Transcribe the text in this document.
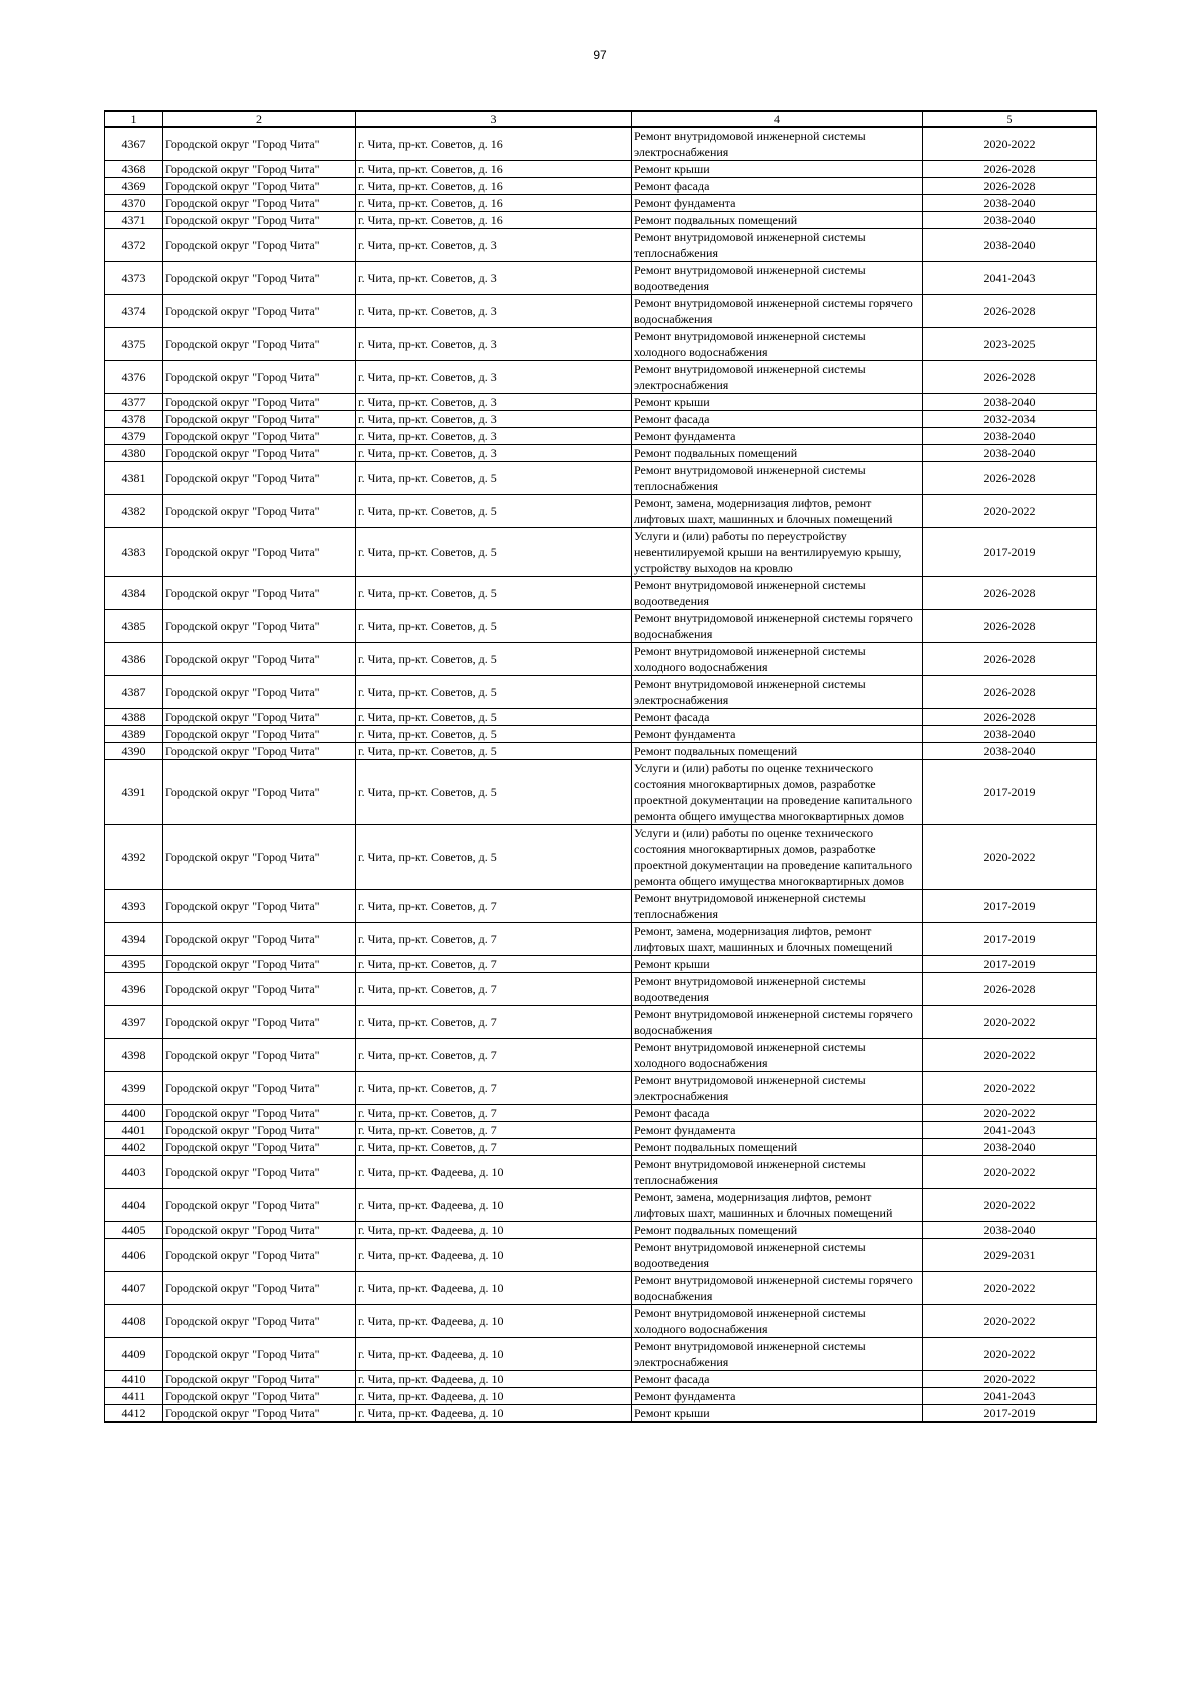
97
1	2	3	4	5
4367	Городской округ "Город Чита"	г. Чита, пр-кт. Советов, д. 16	Ремонт внутридомовой инженерной системы электроснабжения	2020-2022
4368	Городской округ "Город Чита"	г. Чита, пр-кт. Советов, д. 16	Ремонт крыши	2026-2028
4369	Городской округ "Город Чита"	г. Чита, пр-кт. Советов, д. 16	Ремонт фасада	2026-2028
4370	Городской округ "Город Чита"	г. Чита, пр-кт. Советов, д. 16	Ремонт фундамента	2038-2040
4371	Городской округ "Город Чита"	г. Чита, пр-кт. Советов, д. 16	Ремонт подвальных помещений	2038-2040
4372	Городской округ "Город Чита"	г. Чита, пр-кт. Советов, д. 3	Ремонт внутридомовой инженерной системы теплоснабжения	2038-2040
4373	Городской округ "Город Чита"	г. Чита, пр-кт. Советов, д. 3	Ремонт внутридомовой инженерной системы водоотведения	2041-2043
4374	Городской округ "Город Чита"	г. Чита, пр-кт. Советов, д. 3	Ремонт внутридомовой инженерной системы горячего водоснабжения	2026-2028
4375	Городской округ "Город Чита"	г. Чита, пр-кт. Советов, д. 3	Ремонт внутридомовой инженерной системы холодного водоснабжения	2023-2025
4376	Городской округ "Город Чита"	г. Чита, пр-кт. Советов, д. 3	Ремонт внутридомовой инженерной системы электроснабжения	2026-2028
4377	Городской округ "Город Чита"	г. Чита, пр-кт. Советов, д. 3	Ремонт крыши	2038-2040
4378	Городской округ "Город Чита"	г. Чита, пр-кт. Советов, д. 3	Ремонт фасада	2032-2034
4379	Городской округ "Город Чита"	г. Чита, пр-кт. Советов, д. 3	Ремонт фундамента	2038-2040
4380	Городской округ "Город Чита"	г. Чита, пр-кт. Советов, д. 3	Ремонт подвальных помещений	2038-2040
4381	Городской округ "Город Чита"	г. Чита, пр-кт. Советов, д. 5	Ремонт внутридомовой инженерной системы теплоснабжения	2026-2028
4382	Городской округ "Город Чита"	г. Чита, пр-кт. Советов, д. 5	Ремонт, замена, модернизация лифтов, ремонт лифтовых шахт, машинных и блочных помещений	2020-2022
4383	Городской округ "Город Чита"	г. Чита, пр-кт. Советов, д. 5	Услуги и (или) работы по переустройству невентилируемой крыши на вентилируемую крышу, устройству выходов на кровлю	2017-2019
4384	Городской округ "Город Чита"	г. Чита, пр-кт. Советов, д. 5	Ремонт внутридомовой инженерной системы водоотведения	2026-2028
4385	Городской округ "Город Чита"	г. Чита, пр-кт. Советов, д. 5	Ремонт внутридомовой инженерной системы горячего водоснабжения	2026-2028
4386	Городской округ "Город Чита"	г. Чита, пр-кт. Советов, д. 5	Ремонт внутридомовой инженерной системы холодного водоснабжения	2026-2028
4387	Городской округ "Город Чита"	г. Чита, пр-кт. Советов, д. 5	Ремонт внутридомовой инженерной системы электроснабжения	2026-2028
4388	Городской округ "Город Чита"	г. Чита, пр-кт. Советов, д. 5	Ремонт фасада	2026-2028
4389	Городской округ "Город Чита"	г. Чита, пр-кт. Советов, д. 5	Ремонт фундамента	2038-2040
4390	Городской округ "Город Чита"	г. Чита, пр-кт. Советов, д. 5	Ремонт подвальных помещений	2038-2040
4391	Городской округ "Город Чита"	г. Чита, пр-кт. Советов, д. 5	Услуги и (или) работы по оценке технического состояния многоквартирных домов, разработке проектной документации на проведение капитального ремонта общего имущества многоквартирных домов	2017-2019
4392	Городской округ "Город Чита"	г. Чита, пр-кт. Советов, д. 5	Услуги и (или) работы по оценке технического состояния многоквартирных домов, разработке проектной документации на проведение капитального ремонта общего имущества многоквартирных домов	2020-2022
4393	Городской округ "Город Чита"	г. Чита, пр-кт. Советов, д. 7	Ремонт внутридомовой инженерной системы теплоснабжения	2017-2019
4394	Городской округ "Город Чита"	г. Чита, пр-кт. Советов, д. 7	Ремонт, замена, модернизация лифтов, ремонт лифтовых шахт, машинных и блочных помещений	2017-2019
4395	Городской округ "Город Чита"	г. Чита, пр-кт. Советов, д. 7	Ремонт крыши	2017-2019
4396	Городской округ "Город Чита"	г. Чита, пр-кт. Советов, д. 7	Ремонт внутридомовой инженерной системы водоотведения	2026-2028
4397	Городской округ "Город Чита"	г. Чита, пр-кт. Советов, д. 7	Ремонт внутридомовой инженерной системы горячего водоснабжения	2020-2022
4398	Городской округ "Город Чита"	г. Чита, пр-кт. Советов, д. 7	Ремонт внутридомовой инженерной системы холодного водоснабжения	2020-2022
4399	Городской округ "Город Чита"	г. Чита, пр-кт. Советов, д. 7	Ремонт внутридомовой инженерной системы электроснабжения	2020-2022
4400	Городской округ "Город Чита"	г. Чита, пр-кт. Советов, д. 7	Ремонт фасада	2020-2022
4401	Городской округ "Город Чита"	г. Чита, пр-кт. Советов, д. 7	Ремонт фундамента	2041-2043
4402	Городской округ "Город Чита"	г. Чита, пр-кт. Советов, д. 7	Ремонт подвальных помещений	2038-2040
4403	Городской округ "Город Чита"	г. Чита, пр-кт. Фадеева, д. 10	Ремонт внутридомовой инженерной системы теплоснабжения	2020-2022
4404	Городской округ "Город Чита"	г. Чита, пр-кт. Фадеева, д. 10	Ремонт, замена, модернизация лифтов, ремонт лифтовых шахт, машинных и блочных помещений	2020-2022
4405	Городской округ "Город Чита"	г. Чита, пр-кт. Фадеева, д. 10	Ремонт подвальных помещений	2038-2040
4406	Городской округ "Город Чита"	г. Чита, пр-кт. Фадеева, д. 10	Ремонт внутридомовой инженерной системы водоотведения	2029-2031
4407	Городской округ "Город Чита"	г. Чита, пр-кт. Фадеева, д. 10	Ремонт внутридомовой инженерной системы горячего водоснабжения	2020-2022
4408	Городской округ "Город Чита"	г. Чита, пр-кт. Фадеева, д. 10	Ремонт внутридомовой инженерной системы холодного водоснабжения	2020-2022
4409	Городской округ "Город Чита"	г. Чита, пр-кт. Фадеева, д. 10	Ремонт внутридомовой инженерной системы электроснабжения	2020-2022
4410	Городской округ "Город Чита"	г. Чита, пр-кт. Фадеева, д. 10	Ремонт фасада	2020-2022
4411	Городской округ "Город Чита"	г. Чита, пр-кт. Фадеева, д. 10	Ремонт фундамента	2041-2043
4412	Городской округ "Город Чита"	г. Чита, пр-кт. Фадеева, д. 10	Ремонт крыши	2017-2019
